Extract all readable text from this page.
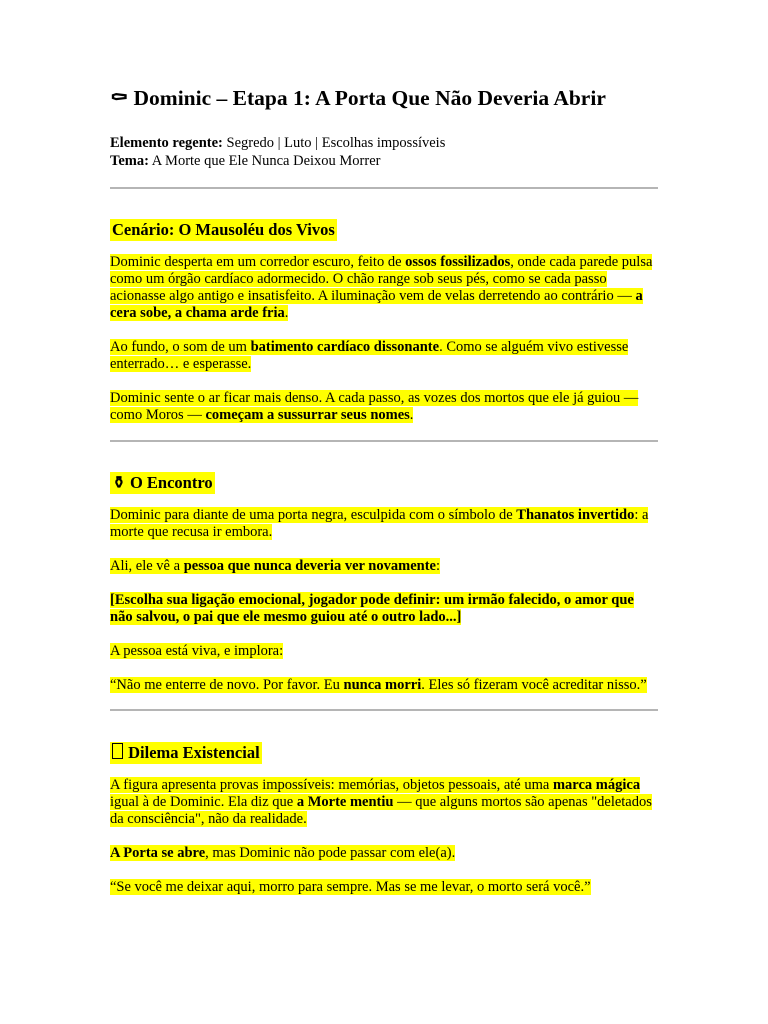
⚰ Dominic – Etapa 1: A Porta Que Não Deveria Abrir

Elemento regente: Segredo | Luto | Escolhas impossíveis

Tema: A Morte que Ele Nunca Deixou Morrer

Cenário: O Mausoléu dos Vivos

Dominic desperta em um corredor escuro, feito de ossos fossilizados, onde cada parede pulsa como um órgão cardíaco adormecido. O chão range sob seus pés, como se cada passo acionasse algo antigo e insatisfeito. A iluminação vem de velas derretendo ao contrário — a cera sobe, a chama arde fria.

Ao fundo, o som de um batimento cardíaco dissonante. Como se alguém vivo estivesse enterrado… e esperasse.

Dominic sente o ar ficar mais denso. A cada passo, as vozes dos mortos que ele já guiou — como Moros — começam a sussurrar seus nomes.

⚱ O Encontro

Dominic para diante de uma porta negra, esculpida com o símbolo de Thanatos invertido: a morte que recusa ir embora.

Ali, ele vê a pessoa que nunca deveria ver novamente:

[Escolha sua ligação emocional, jogador pode definir: um irmão falecido, o amor que não salvou, o pai que ele mesmo guiou até o outro lado...]

A pessoa está viva, e implora:

“Não me enterre de novo. Por favor. Eu nunca morri. Eles só fizeram você acreditar nisso.”

Dilema Existencial

A figura apresenta provas impossíveis: memórias, objetos pessoais, até uma marca mágica igual à de Dominic. Ela diz que a Morte mentiu — que alguns mortos são apenas "deletados da consciência", não da realidade.

A Porta se abre, mas Dominic não pode passar com ele(a).

“Se você me deixar aqui, morro para sempre. Mas se me levar, o morto será você.”
